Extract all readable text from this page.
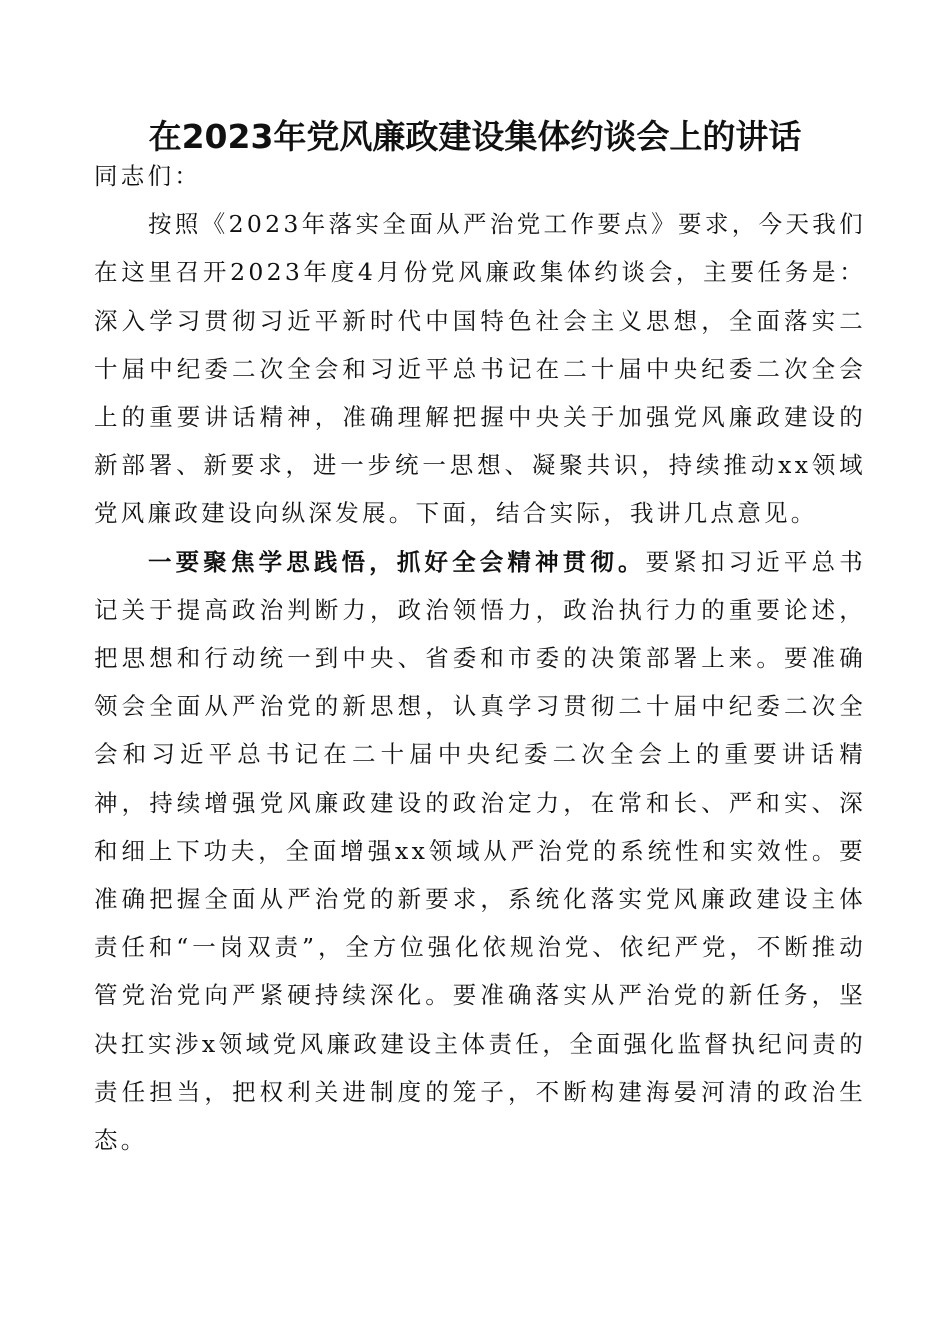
在2023年党风廉政建设集体约谈会上的讲话

同志们：

按照《2023年落实全面从严治党工作要点》要求，今天我们在这里召开2023年度4月份党风廉政集体约谈会，主要任务是：深入学习贯彻习近平新时代中国特色社会主义思想，全面落实二十届中纪委二次全会和习近平总书记在二十届中央纪委二次全会上的重要讲话精神，准确理解把握中央关于加强党风廉政建设的新部署、新要求，进一步统一思想、凝聚共识，持续推动xx领域党风廉政建设向纵深发展。下面，结合实际，我讲几点意见。

一要聚焦学思践悟，抓好全会精神贯彻。要紧扣习近平总书记关于提高政治判断力，政治领悟力，政治执行力的重要论述，把思想和行动统一到中央、省委和市委的决策部署上来。要准确领会全面从严治党的新思想，认真学习贯彻二十届中纪委二次全会和习近平总书记在二十届中央纪委二次全会上的重要讲话精神，持续增强党风廉政建设的政治定力，在常和长、严和实、深和细上下功夫，全面增强xx领域从严治党的系统性和实效性。要准确把握全面从严治党的新要求，系统化落实党风廉政建设主体责任和“一岗双责”，全方位强化依规治党、依纪严党，不断推动管党治党向严紧硬持续深化。要准确落实从严治党的新任务，坚决扛实涉x领域党风廉政建设主体责任，全面强化监督执纪问责的责任担当，把权利关进制度的笼子，不断构建海晏河清的政治生态。
